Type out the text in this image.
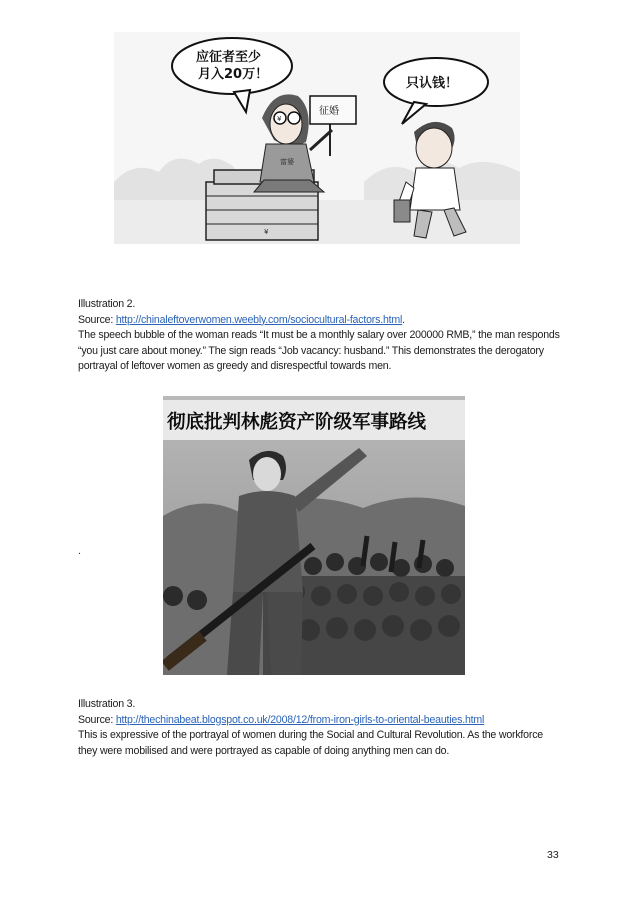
应征者至少
月入20万！
只认钱！
¥
¥
富婆
征婚

Illustration 2.

Source: http://chinaleftoverwomen.weebly.com/sociocultural-factors.html.

The speech bubble of the woman reads “It must be a monthly salary over 200000 RMB,” the man responds “you just care about money.” The sign reads “Job vacancy: husband.” This demonstrates the derogatory portrayal of leftover women as greedy and disrespectful towards men.

彻底批判林彪资产阶级军事路线
.

Illustration 3.

Source: http://thechinabeat.blogspot.co.uk/2008/12/from-iron-girls-to-oriental-beauties.html

This is expressive of the portrayal of women during the Social and Cultural Revolution. As the workforce they were mobilised and were portrayed as capable of doing anything men can do.

33
